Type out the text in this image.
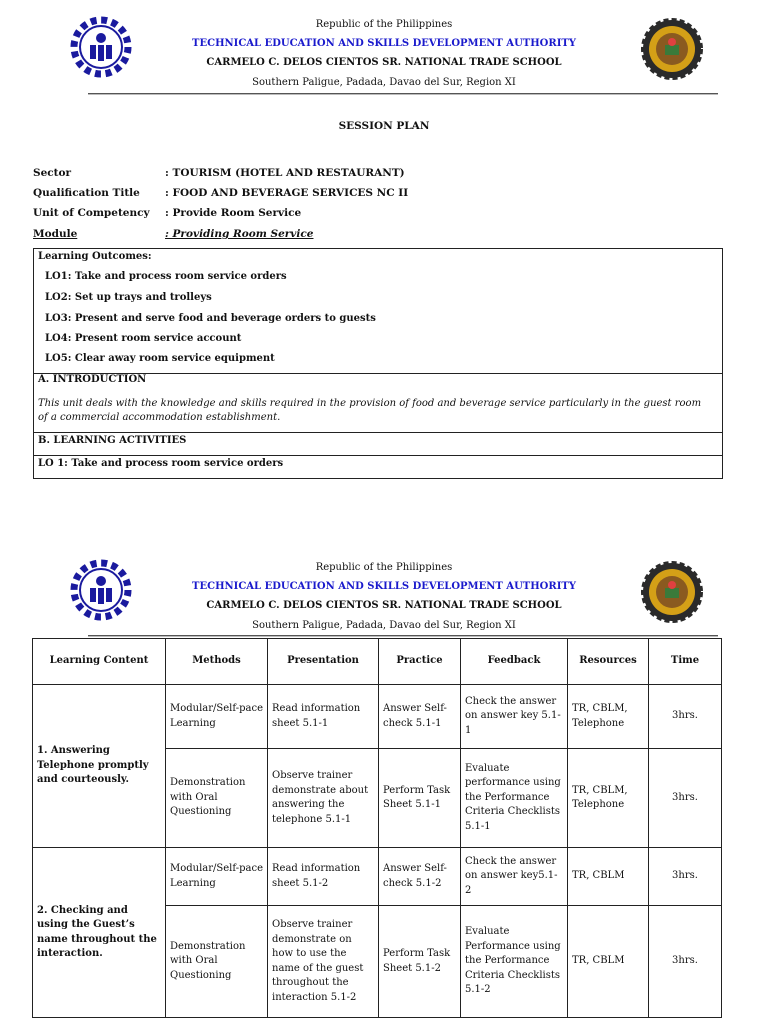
Republic of the Philippines
TECHNICAL EDUCATION AND SKILLS DEVELOPMENT AUTHORITY
CARMELO C. DELOS CIENTOS SR. NATIONAL TRADE SCHOOL
Southern Paligue, Padada, Davao del Sur, Region XI
SESSION PLAN
Sector	: TOURISM (HOTEL AND RESTAURANT)
Qualification Title : FOOD AND BEVERAGE SERVICES NC II
Unit of Competency : Provide Room Service
Module	: Providing Room Service
Learning Outcomes:
LO1: Take and process room service orders
LO2: Set up trays and trolleys
LO3: Present and serve food and beverage orders to guests
LO4: Present room service account
LO5: Clear away room service equipment
A. INTRODUCTION
This unit deals with the knowledge and skills required in the provision of food and beverage service particularly in the guest room of a commercial accommodation establishment.
B. LEARNING ACTIVITIES
LO 1: Take and process room service orders
Republic of the Philippines
TECHNICAL EDUCATION AND SKILLS DEVELOPMENT AUTHORITY
CARMELO C. DELOS CIENTOS SR. NATIONAL TRADE SCHOOL
Southern Paligue, Padada, Davao del Sur, Region XI
Learning Content	Methods	Presentation	Practice	Feedback	Resources	Time
1. Answering Telephone promptly and courteously.	Modular/Self-pace Learning	Read information sheet 5.1-1	Answer Self-check 5.1-1	Check the answer on answer key 5.1-1	TR, CBLM, Telephone	3hrs.
	Demonstration with Oral Questioning	Observe trainer demonstrate about answering the telephone 5.1-1	Perform Task Sheet 5.1-1	Evaluate performance using the Performance Criteria Checklists 5.1-1	TR, CBLM, Telephone	3hrs.
2. Checking and using the Guest’s name throughout the interaction.	Modular/Self-pace Learning	Read information sheet 5.1-2	Answer Self-check 5.1-2	Check the answer on answer key5.1-2	TR, CBLM	3hrs.
	Demonstration with Oral Questioning	Observe trainer demonstrate on how to use the name of the guest throughout the interaction 5.1-2	Perform Task Sheet 5.1-2	Evaluate Performance using the Performance Criteria Checklists 5.1-2	TR, CBLM	3hrs.
